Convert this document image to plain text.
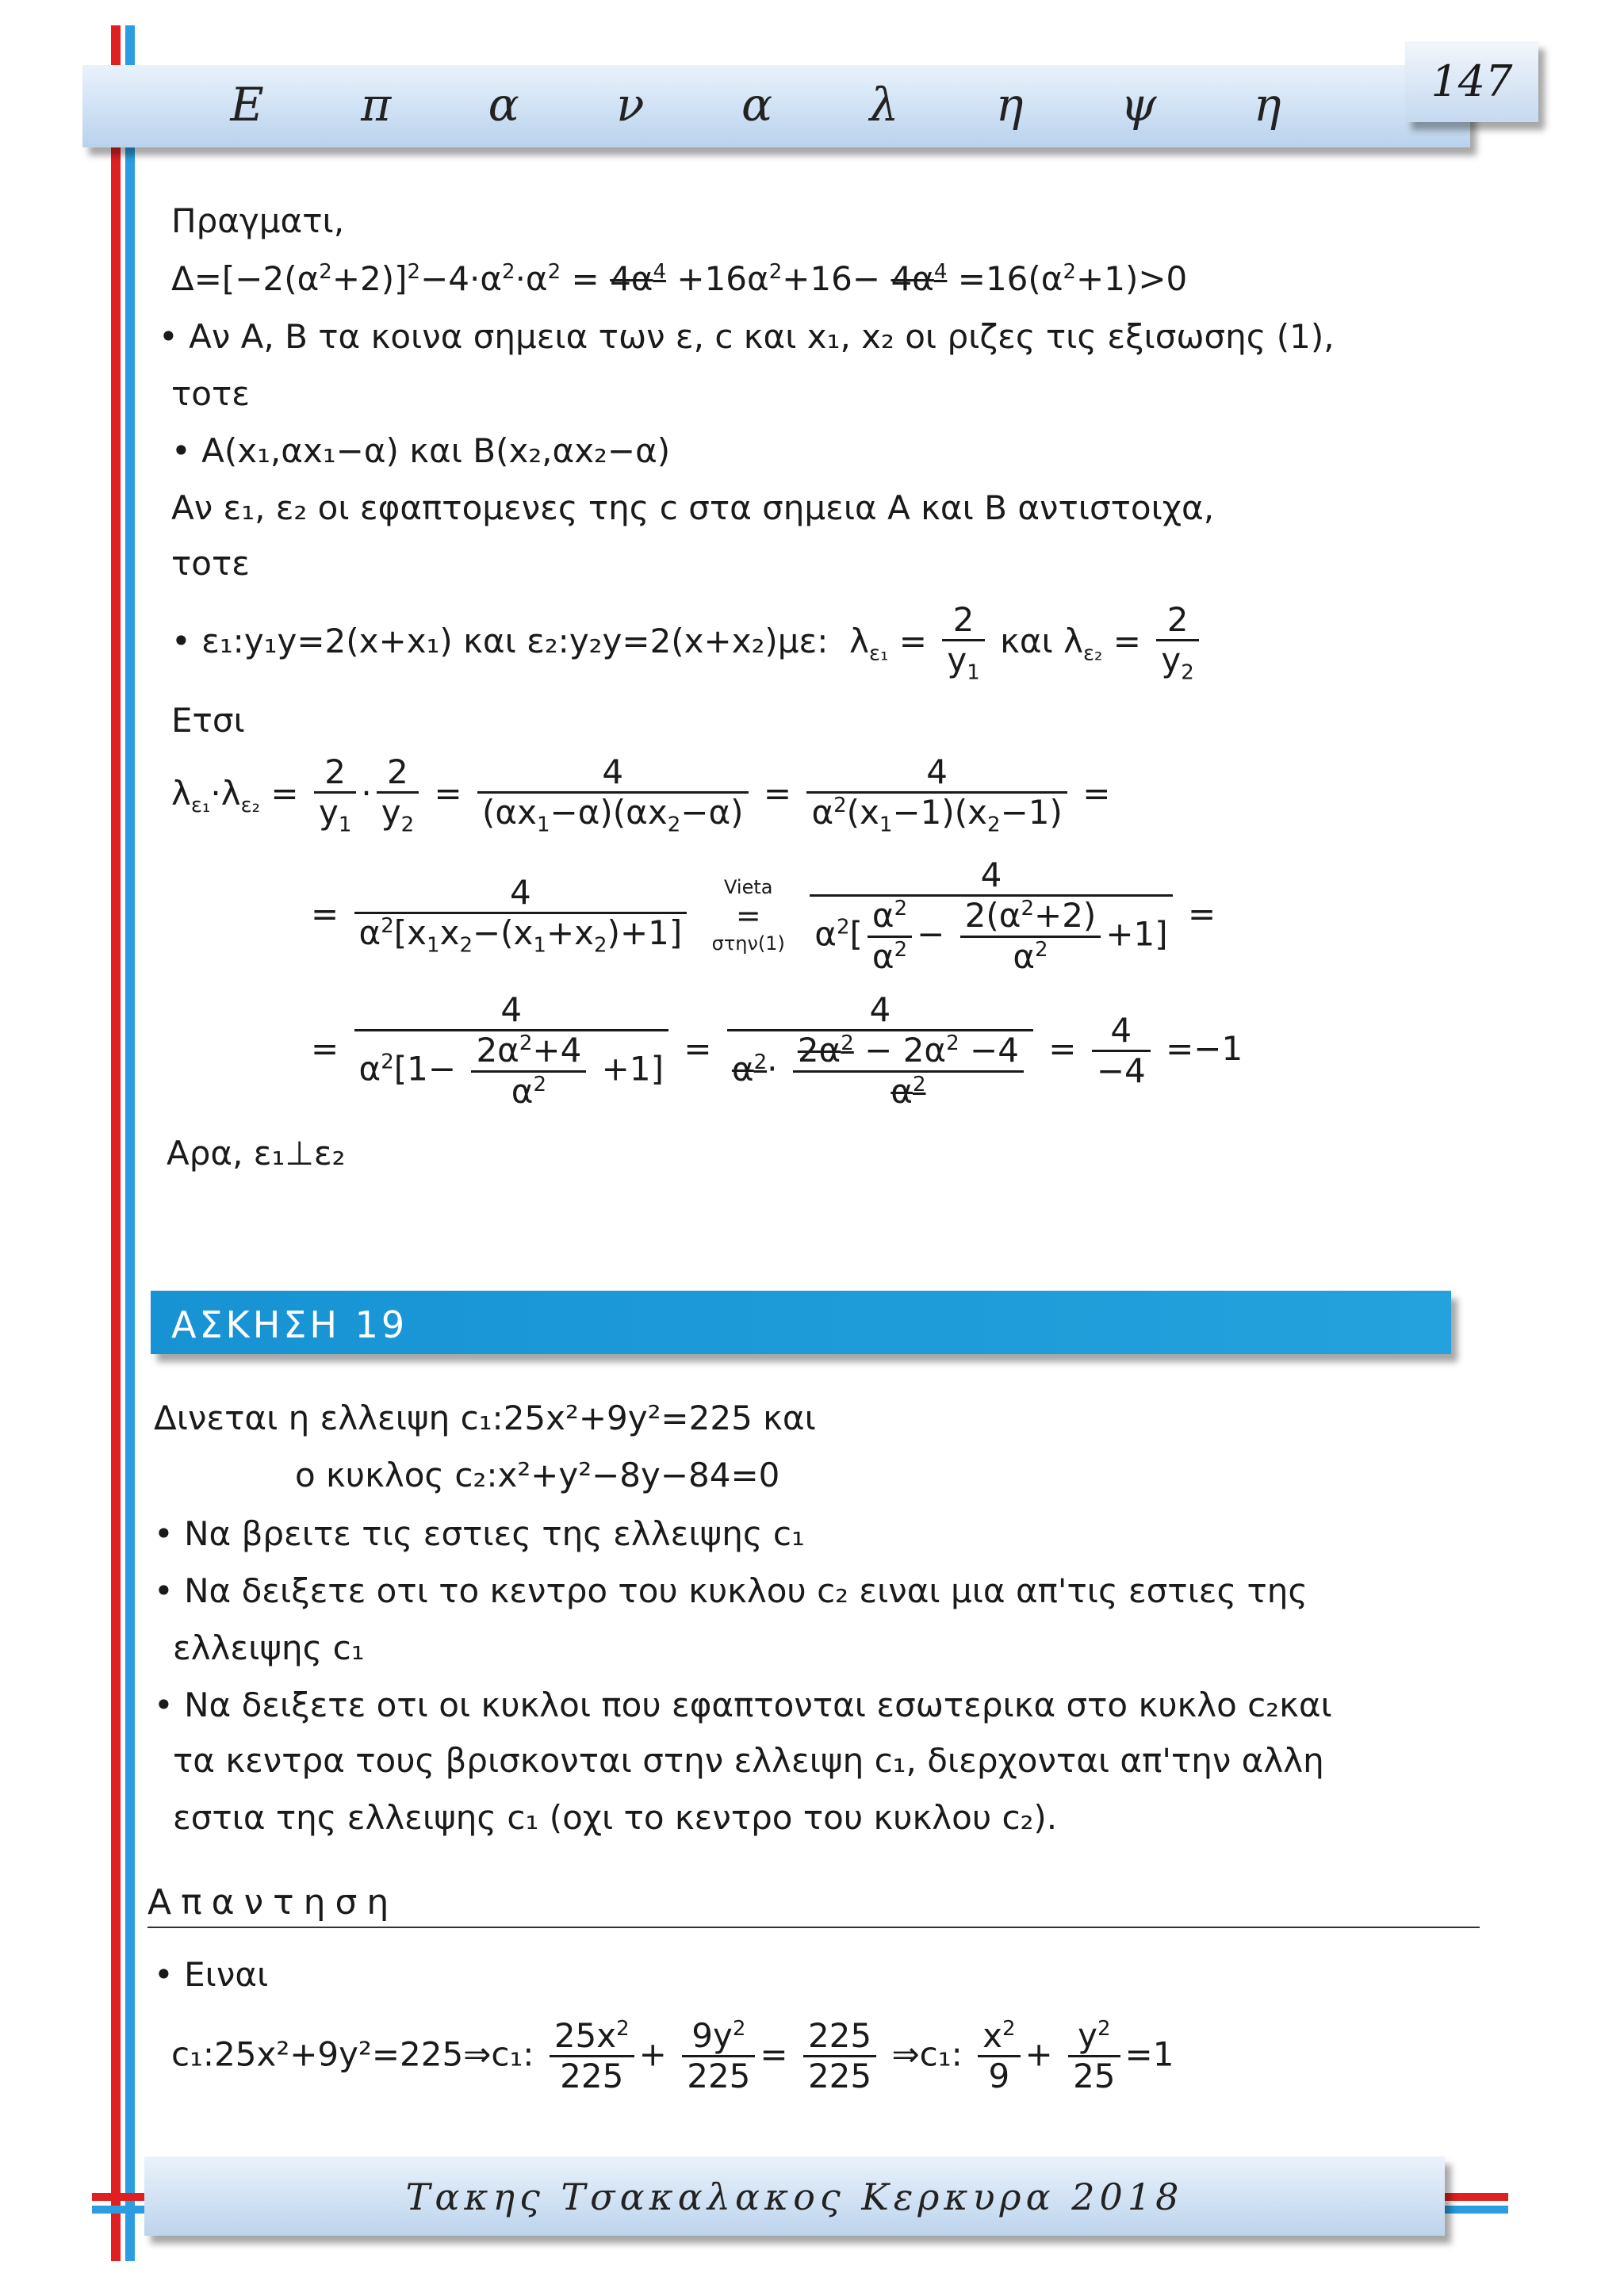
Ε π α ν α λ η ψ η	147
Πραγματι,
$\Delta=[-2(\alpha^2+2)]^2-4\cdot\alpha^2\cdot\alpha^2 = 4\alpha^4 +16\alpha^2+16- 4\alpha^4 =16(\alpha^2+1)>0$
• Αν Α, Β τα κοινα σημεια των ε, c και x₁, x₂ οι ριζες τις εξισωσης (1),
τοτε
• Α(x₁,αx₁−α) και Β(x₂,αx₂−α)
Αν ε₁, ε₂ οι εφαπτομενες της c στα σημεια Α και Β αντιστοιχα,
τοτε
• ε₁:y₁y=2(x+x₁) και ε₂:y₂y=2(x+x₂)με:  $\lambda_{\varepsilon_1} = \frac{2}{y_1}$ και $\lambda_{\varepsilon_2} = \frac{2}{y_2}$
Ετσι
$\lambda_{\varepsilon_1}\cdot\lambda_{\varepsilon_2} = \frac{2}{y_1} \cdot \frac{2}{y_2} = \frac{4}{(\alpha x_1-\alpha)(\alpha x_2-\alpha)} = \frac{4}{\alpha^2(x_1-1)(x_2-1)}$ =
= $\frac{4}{\alpha^2[x_1x_2-(x_1+x_2)+1]}$
	Vieta
=
στην(1)
$\frac{4}{\alpha^2[ \frac{\alpha^2}{\alpha^2} - \frac{2(\alpha^2+2)}{\alpha^2} +1]}$ =
= $\frac{4}{\alpha^2[1- \frac{2\alpha^2+4}{\alpha^2} +1]} = \frac{4}{\alpha^2\cdot \frac{2\alpha^2 - 2\alpha^2 -4}{\alpha^2}} = \frac{4}{-4} =-1$
Αρα, ε₁⊥ε₂
ΑΣΚΗΣΗ 19
Δινεται η ελλειψη c₁:25x²+9y²=225 και
ο κυκλος c₂:x²+y²−8y−84=0
• Να βρειτε τις εστιες της ελλειψης c₁
• Να δειξετε οτι το κεντρο του κυκλου c₂ ειναι μια απ'τις εστιες της
ελλειψης c₁
• Να δειξετε οτι οι κυκλοι που εφαπτονται εσωτερικα στο κυκλο c₂και
τα κεντρα τους βρισκονται στην ελλειψη c₁, διερχονται απ'την αλλη
εστια της ελλειψης c₁ (οχι το κεντρο του κυκλου c₂).
Απαντηση
• Ειναι
c₁:25x²+9y²=225⇒c₁: $\frac{25x^2}{225} + \frac{9y^2}{225} = \frac{225}{225}$ ⇒c₁: $\frac{x^2}{9} + \frac{y^2}{25} =1$
Τακης Τσακαλακος Κερκυρα 2018
